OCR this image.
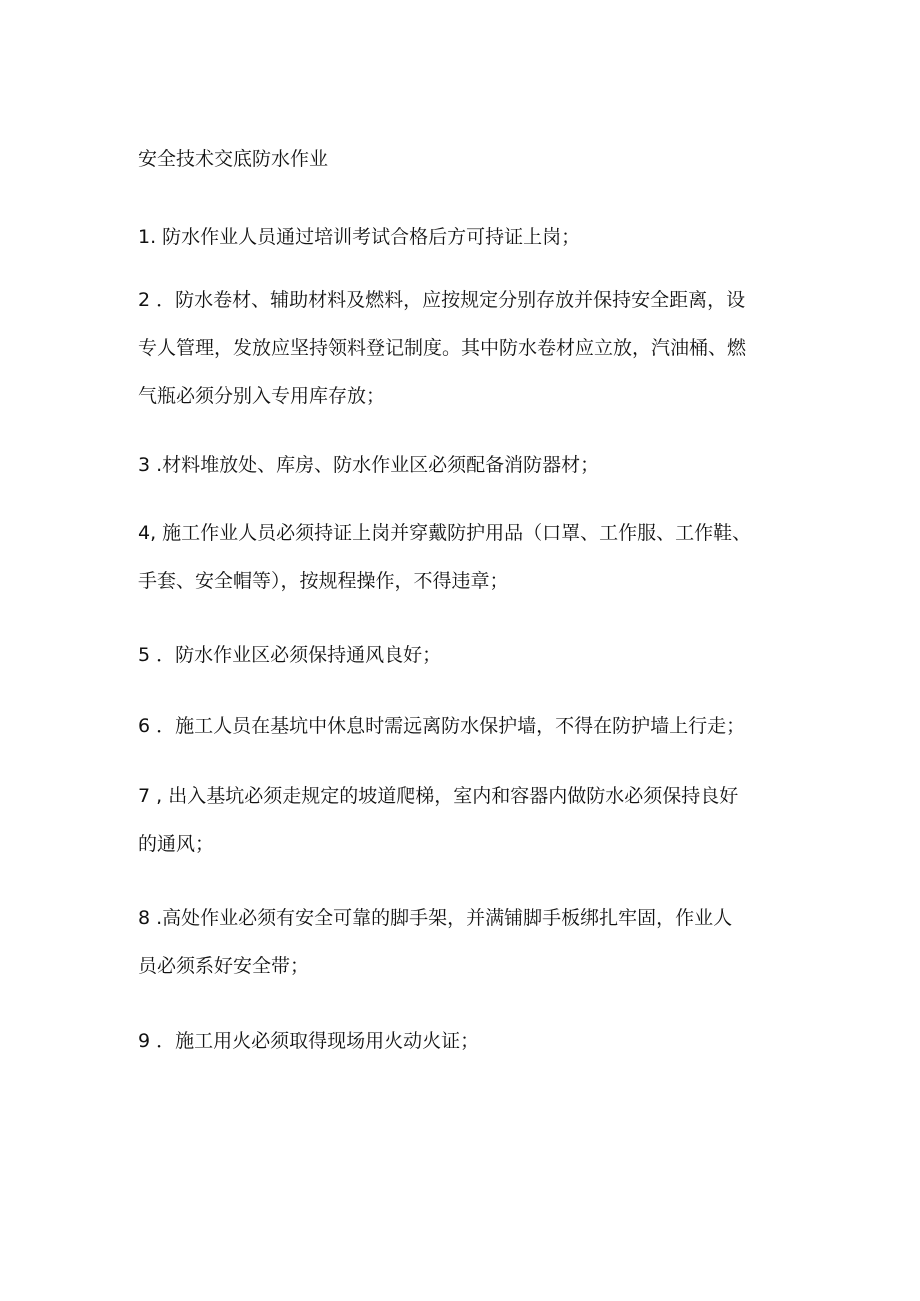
安全技术交底防水作业

1. 防水作业人员通过培训考试合格后方可持证上岗；

2 ．防水卷材、辅助材料及燃料，应按规定分别存放并保持安全距离，设
专人管理，发放应坚持领料登记制度。其中防水卷材应立放，汽油桶、燃
气瓶必须分别入专用库存放；

3 .材料堆放处、库房、防水作业区必须配备消防器材；

4, 施工作业人员必须持证上岗并穿戴防护用品（口罩、工作服、工作鞋、
手套、安全帽等），按规程操作，不得违章；

5 ．防水作业区必须保持通风良好；

6 ．施工人员在基坑中休息时需远离防水保护墙，不得在防护墙上行走；

7 , 出入基坑必须走规定的坡道爬梯，室内和容器内做防水必须保持良好
的通风；

8 .高处作业必须有安全可靠的脚手架，并满铺脚手板绑扎牢固，作业人
员必须系好安全带；

9 ．施工用火必须取得现场用火动火证；
